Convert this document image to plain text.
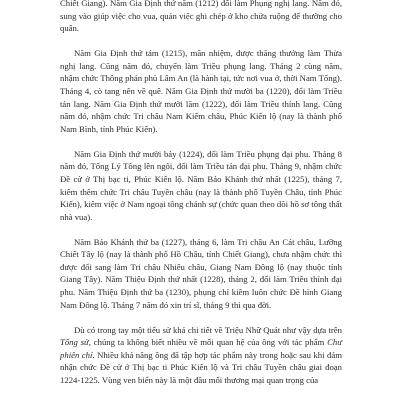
Chiết Giang). Năm Gia Định thứ năm (1212) đổi làm Phụng nghị lang. Năm đó, sung vào giúp việc cho vua, quản việc ghi chép ở kho chứa ruộng để thường cho quân.

Năm Gia Định thứ tám (1215), mãn nhiệm, được thăng thưởng làm Thừa nghị lang. Cũng năm đó, chuyển làm Triều phụng lang. Tháng 2 cùng năm, nhậm chức Thông phán phủ Lâm An (là hành tại, tức nơi vua ở, thời Nam Tống). Tháng 4, cò tang nên về quê. Năm Gia Định thứ mười ba (1220), đổi làm Triều tản lang. Năm Gia Định thứ mười lăm (1222), đổi làm Triều thỉnh lang. Cũng năm đó, nhậm chức Tri châu Nam Kiếm châu, Phúc Kiến lộ (nay là thành phố Nam Bình, tỉnh Phúc Kiến).

Năm Gia Định thứ mười bảy (1224), đổi làm Triều phụng đại phu. Tháng 8 năm đó, Tống Lý Tông lên ngôi, đổi làm Triều tán đại phu. Tháng 9, nhậm chức Đề cử ở Thị bạc ti, Phúc Kiến lộ. Năm Bảo Khánh thứ nhất (1225), tháng 7, kiêm thêm chức Tri châu Tuyền châu (nay là thành phố Tuyền Châu, tỉnh Phúc Kiến), kiêm việc ở Nam ngoại tông chánh sự (chức quan theo dõi hồ sơ tông thất nhà vua).

Năm Bảo Khánh thứ ba (1227), tháng 6, làm Tri châu An Cát châu, Lưỡng Chiết Tây lộ (nay là thành phố Hồ Châu, tỉnh Chiết Giang), chưa nhậm chức thì được đổi sang làm Tri châu Nhiêu châu, Giang Nam Đông lộ (nay thuộc tỉnh Giang Tây). Năm Thiệu Định thứ nhất (1228), tháng 2, đổi làm Triều thỉnh đại phu. Năm Thiệu Định thứ ba (1230), phụng chỉ kiêm luôn chức Đề hình Giang Nam Đông lộ. Tháng 7 năm đó xin trí sĩ, tháng 9 thì qua đời.

Dù có trong tay một tiểu sử khá chi tiết về Triệu Nhữ Quát như vậy dựa trên Tống sử, chúng ta không biết nhiều về mối quan hệ của ông với tác phẩm Chư phiên chí. Nhiều khả năng ông đã tập hợp tác phẩm này trong hoặc sau khi đảm nhận chức Đề cử ở Thị bạc ti Phúc Kiến lộ và Tri châu Tuyền châu giai đoạn 1224-1225. Vùng ven biển này là một đầu mối thương mại quan trọng của
